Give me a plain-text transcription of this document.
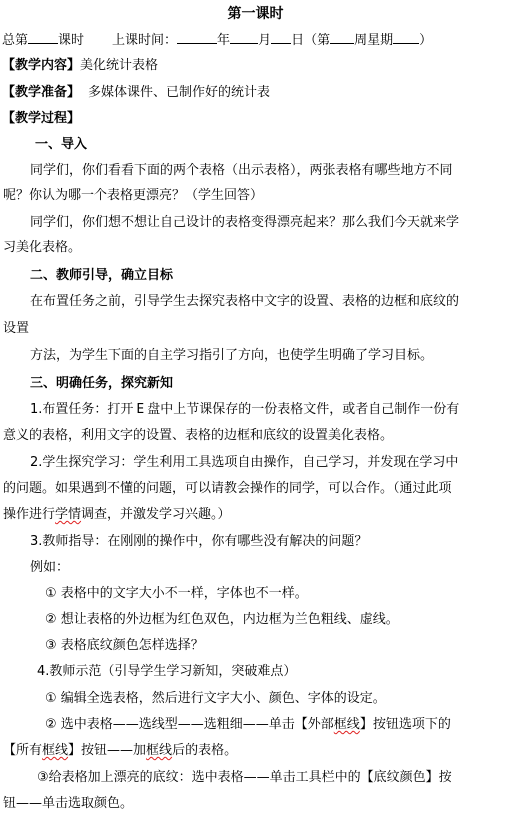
第一课时
总第 课时 上课时间：	年 月 日（第 周星期 ）
【教学内容】美化统计表格
【教学准备】 多媒体课件、已制作好的统计表
【教学过程】
一、导入
同学们，你们看看下面的两个表格（出示表格），两张表格有哪些地方不同
呢？你认为哪一个表格更漂亮？（学生回答）
同学们，你们想不想让自己设计的表格变得漂亮起来？那么我们今天就来学
习美化表格。
二、教师引导，确立目标
在布置任务之前，引导学生去探究表格中文字的设置、表格的边框和底纹的
设置
方法，为学生下面的自主学习指引了方向，也使学生明确了学习目标。
三、明确任务，探究新知
1.布置任务：打开 E 盘中上节课保存的一份表格文件，或者自己制作一份有
意义的表格，利用文字的设置、表格的边框和底纹的设置美化表格。
2.学生探究学习：学生利用工具选项自由操作，自己学习，并发现在学习中
的问题。如果遇到不懂的问题，可以请教会操作的同学，可以合作。（通过此项
操作进行学情调查，并激发学习兴趣。）
3.教师指导：在刚刚的操作中，你有哪些没有解决的问题？
例如：
① 表格中的文字大小不一样，字体也不一样。
② 想让表格的外边框为红色双色，内边框为兰色粗线、虚线。
③ 表格底纹颜色怎样选择？
4.教师示范（引导学生学习新知，突破难点）
① 编辑全选表格，然后进行文字大小、颜色、字体的设定。
② 选中表格——选线型——选粗细——单击【外部框线】按钮选项下的
【所有框线】按钮——加框线后的表格。
③给表格加上漂亮的底纹：选中表格——单击工具栏中的【底纹颜色】按
钮——单击选取颜色。
